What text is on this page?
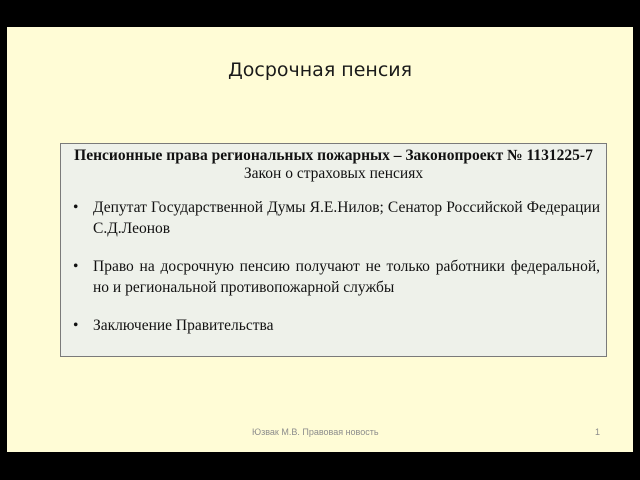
Досрочная пенсия
Пенсионные права региональных пожарных – Законопроект № 1131225-7
Закон о страховых пенсиях
• Депутат Государственной Думы Я.Е.Нилов; Сенатор Российской Федерации С.Д.Леонов
• Право на досрочную пенсию получают не только работники федеральной, но и региональной противопожарной службы
• Заключение Правительства
Юзвак М.В. Правовая новость	1
